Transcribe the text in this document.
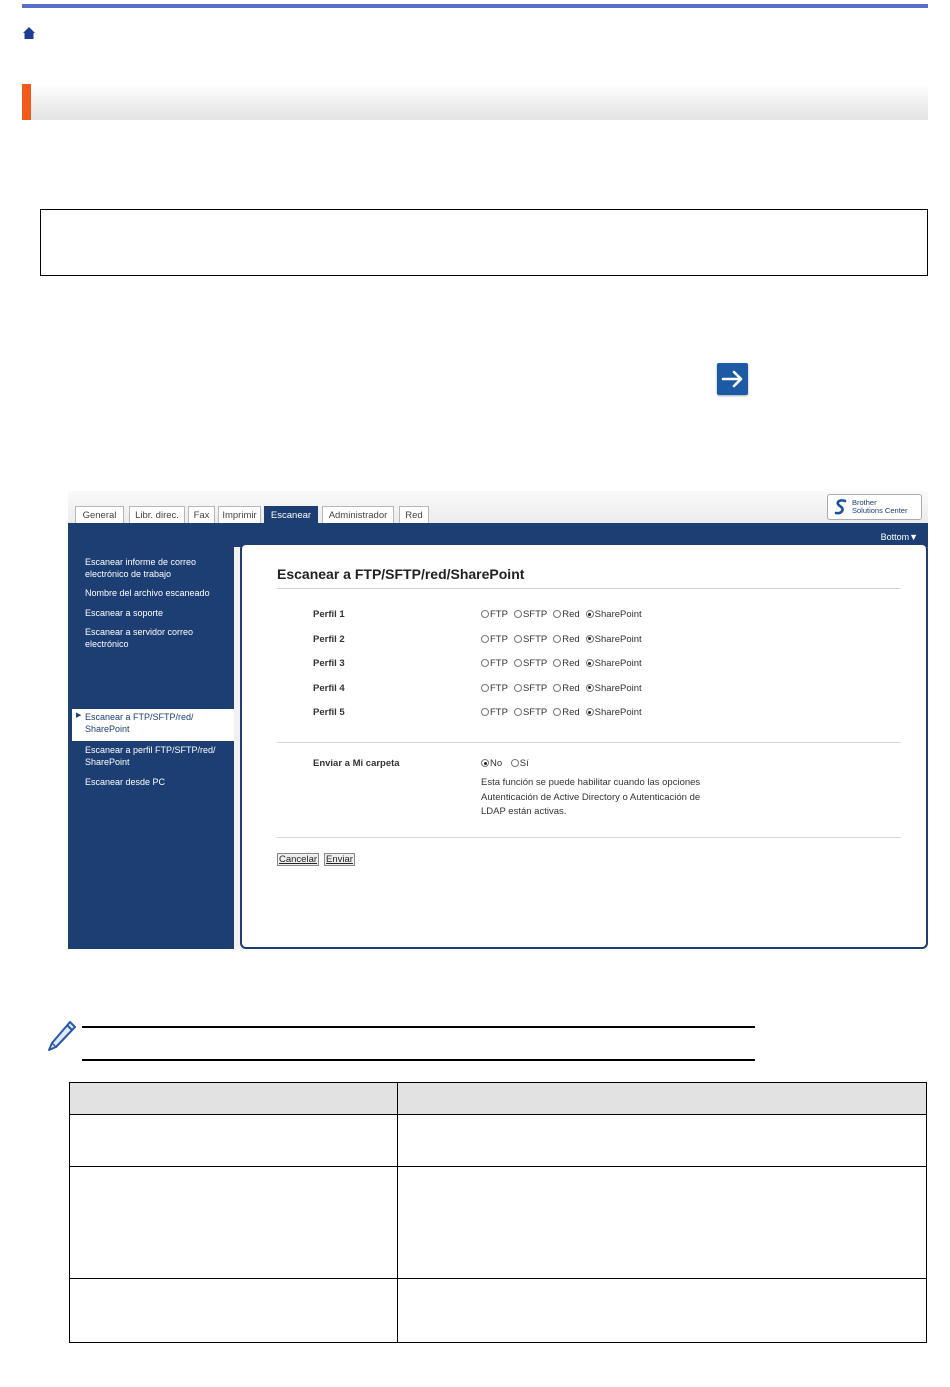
General	Libr. direc.	Fax	Imprimir	Escanear	Administrador	Red
Brother
Solutions Center
Bottom▼
Escanear informe de correo
electrónico de trabajo
Nombre del archivo escaneado
Escanear a soporte
Escanear a servidor correo
electrónico
▶ Escanear a FTP/SFTP/red/
SharePoint
Escanear a perfil FTP/SFTP/red/
SharePoint
Escanear desde PC
Escanear a FTP/SFTP/red/SharePoint
Perfil 1	FTP SFTP Red SharePoint
Perfil 2	FTP SFTP Red SharePoint
Perfil 3	FTP SFTP Red SharePoint
Perfil 4	FTP SFTP Red SharePoint
Perfil 5	FTP SFTP Red SharePoint
Enviar a Mi carpeta	No Sí
Esta función se puede habilitar cuando las opciones
Autenticación de Active Directory o Autenticación de
LDAP están activas.
Cancelar Enviar
